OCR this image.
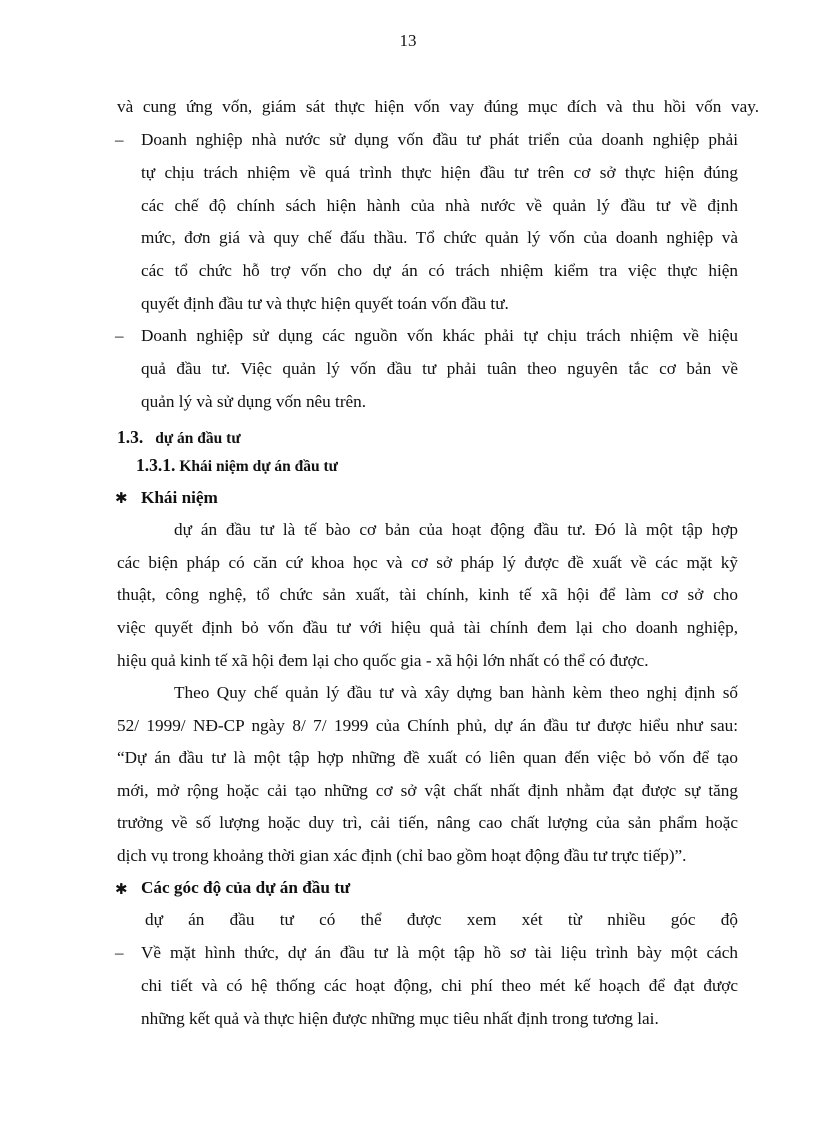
13
và cung ứng vốn, giám sát thực hiện vốn vay đúng mục đích và thu hồi vốn vay.
– Doanh nghiệp nhà nước sử dụng vốn đầu tư phát triển của doanh nghiệp phải
tự chịu trách nhiệm về quá trình thực hiện đầu tư trên cơ sở thực hiện đúng
các chế độ chính sách hiện hành của nhà nước về quản lý đầu tư về định
mức, đơn giá và quy chế đấu thầu. Tổ chức quản lý vốn của doanh nghiệp và
các tổ chức hỗ trợ vốn cho dự án có trách nhiệm kiểm tra việc thực hiện
quyết định đầu tư và thực hiện quyết toán vốn đầu tư.
– Doanh nghiệp sử dụng các nguồn vốn khác phải tự chịu trách nhiệm về hiệu
quả đầu tư. Việc quản lý vốn đầu tư phải tuân theo nguyên tắc cơ bản về
quản lý và sử dụng vốn nêu trên.
1.3. dự án đầu tư
1.3.1. Khái niệm dự án đầu tư
✱ Khái niệm
dự án đầu tư là tế bào cơ bản của hoạt động đầu tư. Đó là một tập hợp
các biện pháp có căn cứ khoa học và cơ sở pháp lý được đề xuất về các mặt kỹ
thuật, công nghệ, tổ chức sản xuất, tài chính, kinh tế xã hội để làm cơ sở cho
việc quyết định bỏ vốn đầu tư với hiệu quả tài chính đem lại cho doanh nghiệp,
hiệu quả kinh tế xã hội đem lại cho quốc gia - xã hội lớn nhất có thể có được.
Theo Quy chế quản lý đầu tư và xây dựng ban hành kèm theo nghị định số
52/ 1999/ NĐ-CP ngày 8/ 7/ 1999 của Chính phủ, dự án đầu tư được hiểu như sau:
“Dự án đầu tư là một tập hợp những đề xuất có liên quan đến việc bỏ vốn để tạo
mới, mở rộng hoặc cải tạo những cơ sở vật chất nhất định nhằm đạt được sự tăng
trưởng về số lượng hoặc duy trì, cải tiến, nâng cao chất lượng của sản phẩm hoặc
dịch vụ trong khoảng thời gian xác định (chỉ bao gồm hoạt động đầu tư trực tiếp)”.
✱ Các góc độ của dự án đầu tư
dự án đầu tư có thể được xem xét từ nhiều góc độ
– Về mặt hình thức, dự án đầu tư là một tập hồ sơ tài liệu trình bày một cách
chi tiết và có hệ thống các hoạt động, chi phí theo mét kế hoạch để đạt được
những kết quả và thực hiện được những mục tiêu nhất định trong tương lai.
